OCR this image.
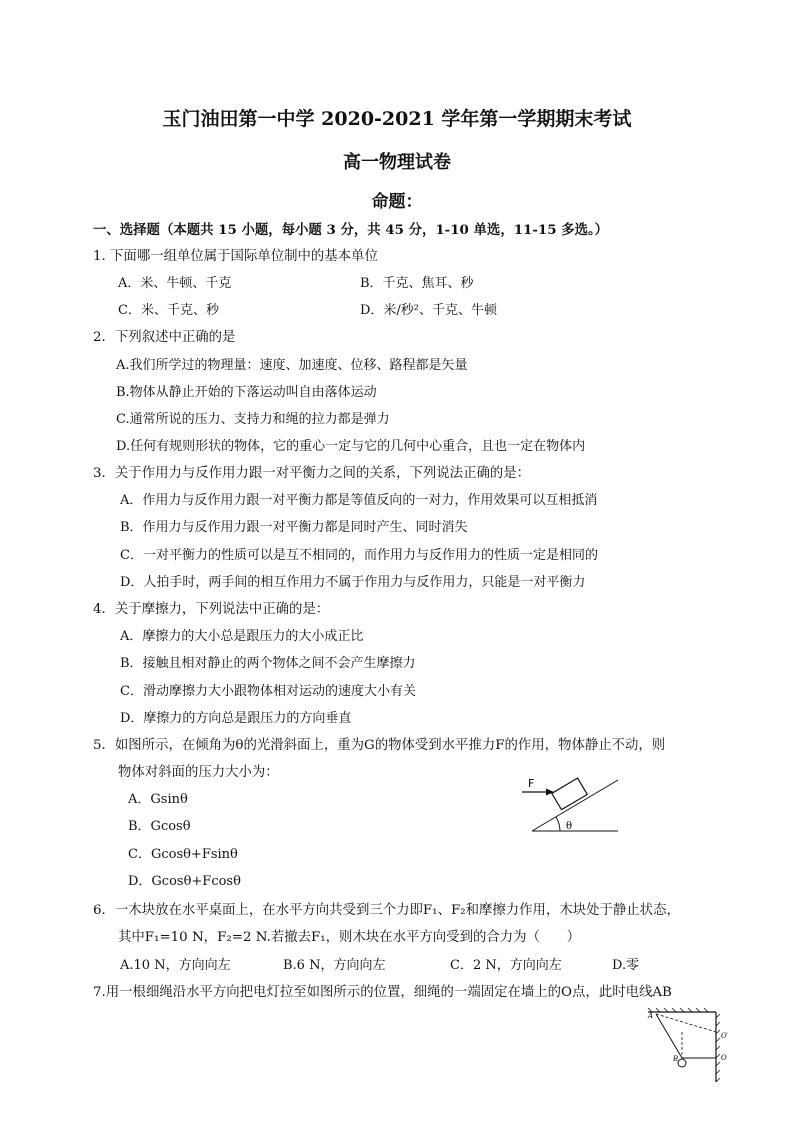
玉门油田第一中学 2020-2021 学年第一学期期末考试
高一物理试卷
命题：
一、选择题（本题共 15 小题，每小题 3 分，共 45 分，1-10 单选，11-15 多选。）
1. 下面哪一组单位属于国际单位制中的基本单位
A．米、牛顿、千克	B．千克、焦耳、秒
C．米、千克、秒	D．米/秒²、千克、牛顿
2．下列叙述中正确的是
A.我们所学过的物理量：速度、加速度、位移、路程都是矢量
B.物体从静止开始的下落运动叫自由落体运动
C.通常所说的压力、支持力和绳的拉力都是弹力
D.任何有规则形状的物体，它的重心一定与它的几何中心重合，且也一定在物体内
3．关于作用力与反作用力跟一对平衡力之间的关系，下列说法正确的是：
A．作用力与反作用力跟一对平衡力都是等值反向的一对力，作用效果可以互相抵消
B．作用力与反作用力跟一对平衡力都是同时产生、同时消失
C．一对平衡力的性质可以是互不相同的，而作用力与反作用力的性质一定是相同的
D．人拍手时，两手间的相互作用力不属于作用力与反作用力，只能是一对平衡力
4．关于摩擦力，下列说法中正确的是：
A．摩擦力的大小总是跟压力的大小成正比
B．接触且相对静止的两个物体之间不会产生摩擦力
C．滑动摩擦力大小跟物体相对运动的速度大小有关
D．摩擦力的方向总是跟压力的方向垂直
5．如图所示，在倾角为θ的光滑斜面上，重为G的物体受到水平推力F的作用，物体静止不动，则
物体对斜面的压力大小为：
A．Gsinθ
B．Gcosθ
C．Gcosθ+Fsinθ
D．Gcosθ+Fcosθ
θ
F
6．一木块放在水平桌面上，在水平方向共受到三个力即F₁、F₂和摩擦力作用，木块处于静止状态，
其中F₁=10 N，F₂=2 N.若撤去F₁，则木块在水平方向受到的合力为（　　）
A.10 N，方向向左	B.6 N，方向向左	C．2 N，方向向左	D.零
7.用一根细绳沿水平方向把电灯拉至如图所示的位置，细绳的一端固定在墙上的O点，此时电线AB
A
O′
O
B
